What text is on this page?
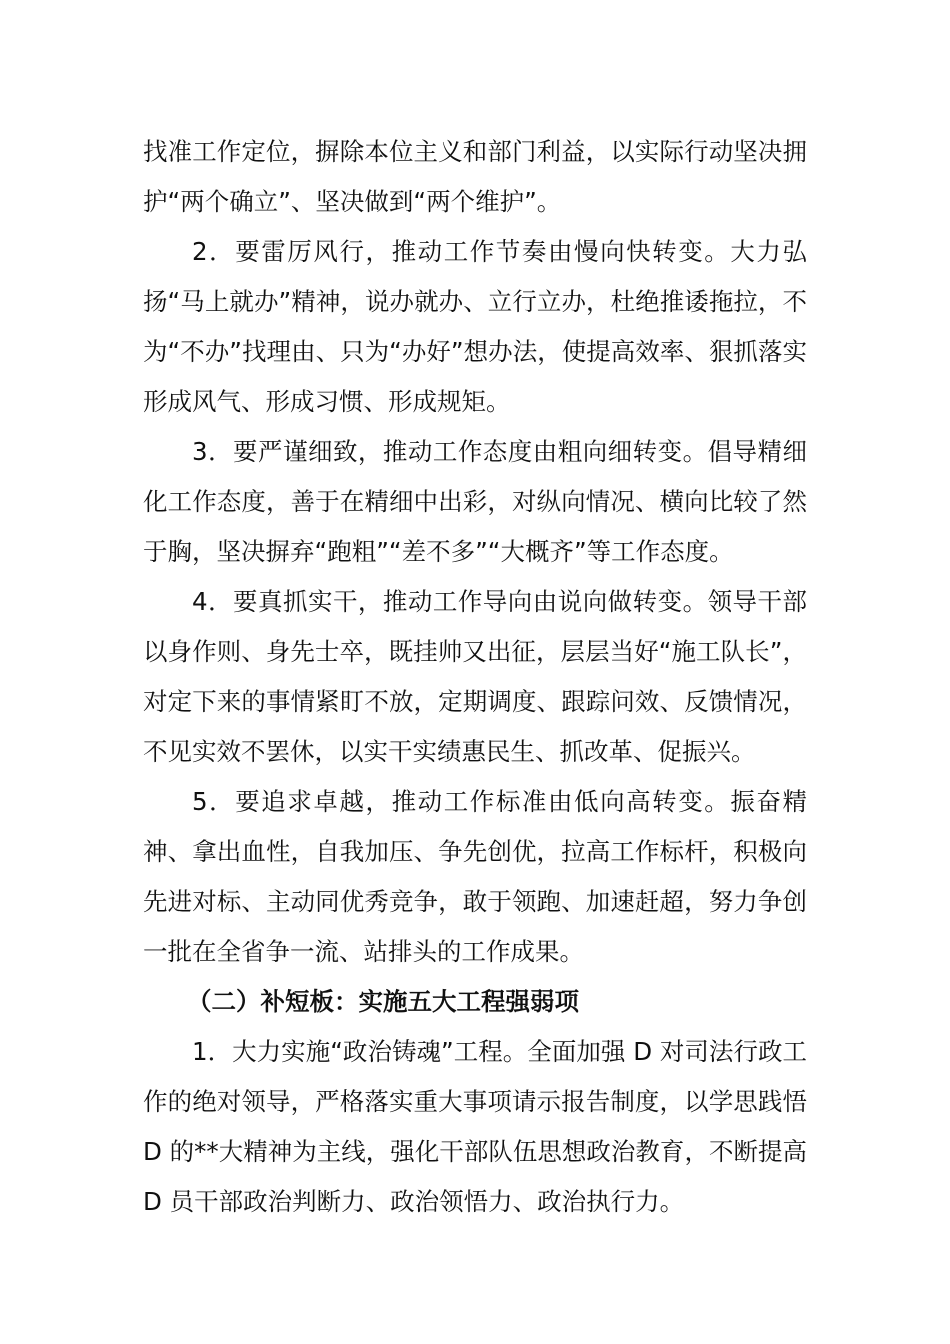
找准工作定位，摒除本位主义和部门利益，以实际行动坚决拥护“两个确立”、坚决做到“两个维护”。

2．要雷厉风行，推动工作节奏由慢向快转变。大力弘扬“马上就办”精神，说办就办、立行立办，杜绝推诿拖拉，不为“不办”找理由、只为“办好”想办法，使提高效率、狠抓落实形成风气、形成习惯、形成规矩。

3．要严谨细致，推动工作态度由粗向细转变。倡导精细化工作态度，善于在精细中出彩，对纵向情况、横向比较了然于胸，坚决摒弃“跑粗”“差不多”“大概齐”等工作态度。

4．要真抓实干，推动工作导向由说向做转变。领导干部以身作则、身先士卒，既挂帅又出征，层层当好“施工队长”，对定下来的事情紧盯不放，定期调度、跟踪问效、反馈情况，不见实效不罢休，以实干实绩惠民生、抓改革、促振兴。

5．要追求卓越，推动工作标准由低向高转变。振奋精神、拿出血性，自我加压、争先创优，拉高工作标杆，积极向先进对标、主动同优秀竞争，敢于领跑、加速赶超，努力争创一批在全省争一流、站排头的工作成果。

（二）补短板：实施五大工程强弱项

1．大力实施“政治铸魂”工程。全面加强 D 对司法行政工作的绝对领导，严格落实重大事项请示报告制度，以学思践悟 D 的**大精神为主线，强化干部队伍思想政治教育，不断提高 D 员干部政治判断力、政治领悟力、政治执行力。
